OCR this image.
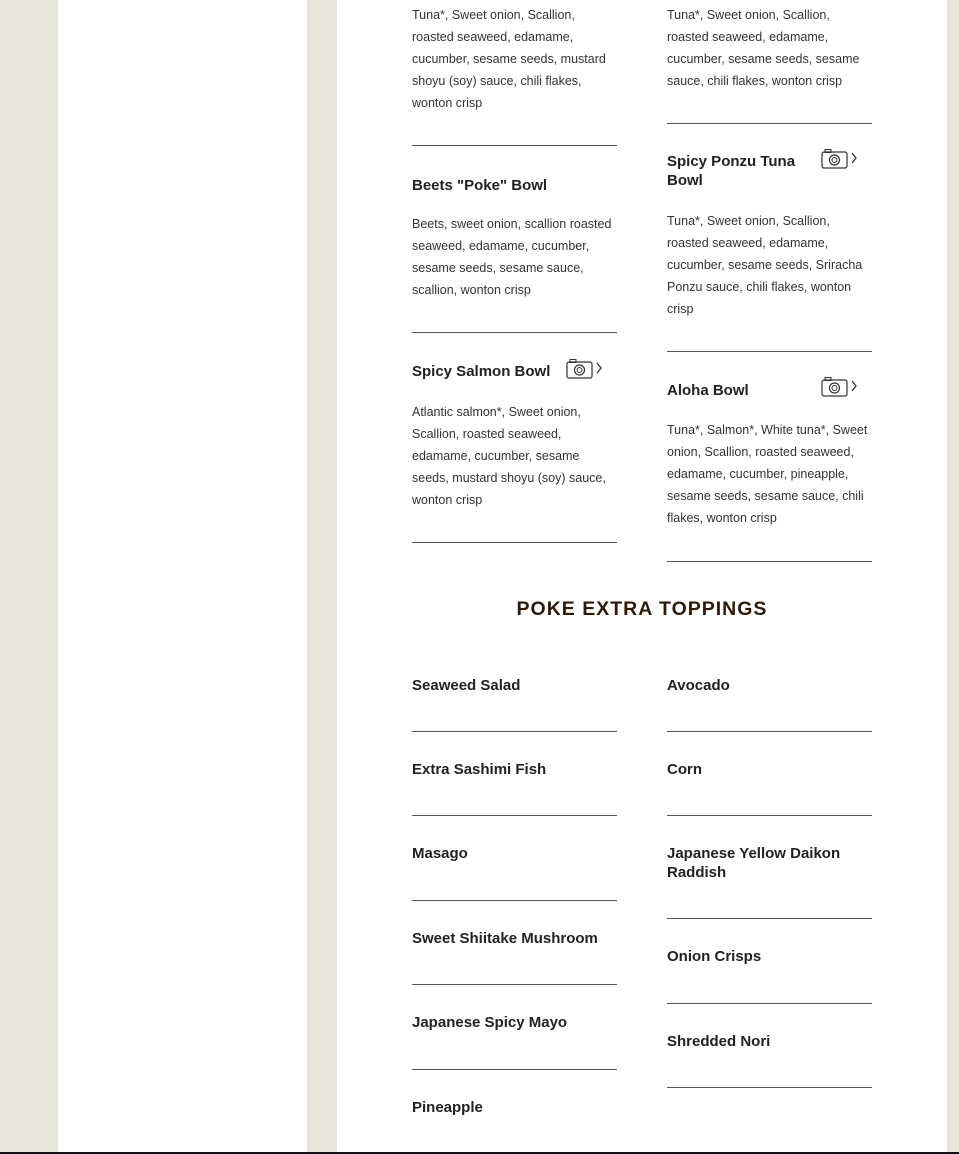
Tuna*, Sweet onion, Scallion, roasted seaweed, edamame, cucumber, sesame seeds, mustard shoyu (soy) sauce, chili flakes, wonton crisp
Beets "Poke" Bowl
Beets, sweet onion, scallion roasted seaweed, edamame, cucumber, sesame seeds, sesame sauce, scallion, wonton crisp
Spicy Salmon Bowl
Atlantic salmon*, Sweet onion, Scallion, roasted seaweed, edamame, cucumber, sesame seeds, mustard shoyu (soy) sauce, wonton crisp
Tuna*, Sweet onion, Scallion, roasted seaweed, edamame, cucumber, sesame seeds, sesame sauce, chili flakes, wonton crisp
Spicy Ponzu Tuna Bowl
Tuna*, Sweet onion, Scallion, roasted seaweed, edamame, cucumber, sesame seeds, Sriracha Ponzu sauce, chili flakes, wonton crisp
Aloha Bowl
Tuna*, Salmon*, White tuna*, Sweet onion, Scallion, roasted seaweed, edamame, cucumber, pineapple, sesame seeds, sesame sauce, chili flakes, wonton crisp
POKE EXTRA TOPPINGS
Seaweed Salad
Extra Sashimi Fish
Masago
Sweet Shiitake Mushroom
Japanese Spicy Mayo
Pineapple
Avocado
Corn
Japanese Yellow Daikon Raddish
Onion Crisps
Shredded Nori
